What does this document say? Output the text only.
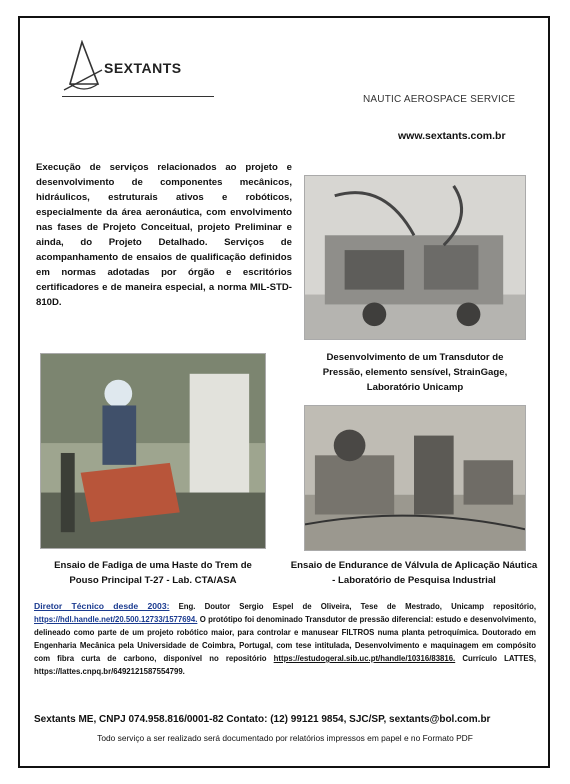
SEXTANTS
NAUTIC AEROSPACE SERVICE
www.sextants.com.br
Execução de serviços relacionados ao projeto e desenvolvimento de componentes mecânicos, hidráulicos, estruturais ativos e robóticos, especialmente da área aeronáutica, com envolvimento nas fases de Projeto Conceitual, projeto Preliminar e ainda, do Projeto Detalhado. Serviços de acompanhamento de ensaios de qualificação definidos em normas adotadas por órgão e escritórios certificadores e de maneira especial, a norma MIL-STD-810D.
Desenvolvimento de um Transdutor de Pressão, elemento sensível, StrainGage, Laboratório Unicamp
Ensaio de Fadiga de uma Haste do Trem de Pouso Principal T-27 - Lab. CTA/ASA
Ensaio de Endurance de Válvula de Aplicação Náutica - Laboratório de Pesquisa Industrial
Diretor Técnico desde 2003: Eng. Doutor Sergio Espel de Oliveira, Tese de Mestrado, Unicamp repositório, https://hdl.handle.net/20.500.12733/1577694. O protótipo foi denominado Transdutor de pressão diferencial: estudo e desenvolvimento, delineado como parte de um projeto robótico maior, para controlar e manusear FILTROS numa planta petroquímica. Doutorado em Engenharia Mecânica pela Universidade de Coimbra, Portugal, com tese intitulada, Desenvolvimento e maquinagem em compósito com fibra curta de carbono, disponível no repositório https://estudogeral.sib.uc.pt/handle/10316/83816. Currículo LATTES, https://lattes.cnpq.br/6492121587554799.
Sextants ME, CNPJ 074.958.816/0001-82 Contato: (12) 99121 9854, SJC/SP, sextants@bol.com.br
Todo serviço a ser realizado será documentado por relatórios impressos em papel e no Formato PDF
